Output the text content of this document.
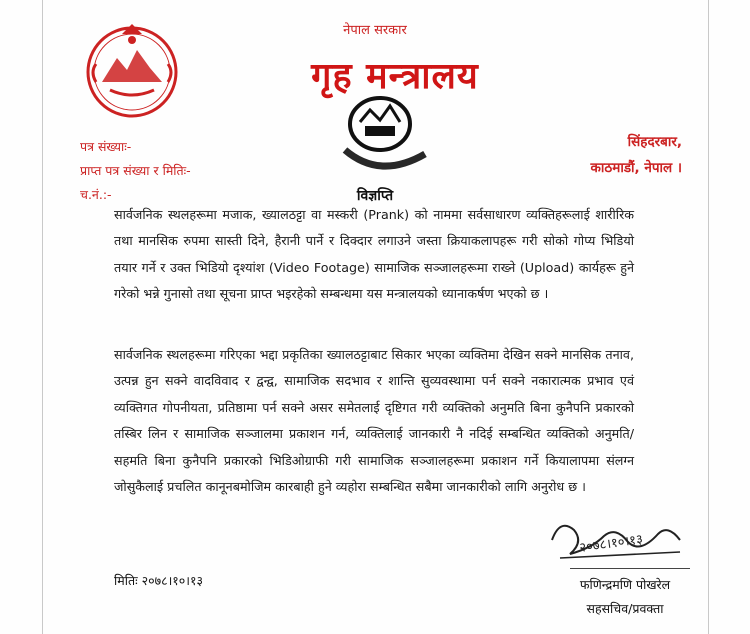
नेपाल सरकार
गृह मन्त्रालय
पत्र संख्याः-
प्राप्त पत्र संख्या र मितिः-
च.नं.:-
सिंहदरबार,
काठमाडौं, नेपाल ।
विज्ञप्ति

सार्वजनिक स्थलहरूमा मजाक, ख्यालठट्टा वा मस्करी (Prank) को नाममा सर्वसाधारण व्यक्तिहरूलाई शारीरिक तथा मानसिक रुपमा सास्ती दिने, हैरानी पार्ने र दिक्दार लगाउने जस्ता क्रियाकलापहरू गरी सोको गोप्य भिडियो तयार गर्ने र उक्त भिडियो दृश्यांश (Video Footage) सामाजिक सञ्जालहरूमा राख्ने (Upload) कार्यहरू हुने गरेको भन्ने गुनासो तथा सूचना प्राप्त भइरहेको सम्बन्धमा यस मन्त्रालयको ध्यानाकर्षण भएको छ ।

सार्वजनिक स्थलहरूमा गरिएका भद्दा प्रकृतिका ख्यालठट्टाबाट सिकार भएका व्यक्तिमा देखिन सक्ने मानसिक तनाव, उत्पन्न हुन सक्ने वादविवाद र द्वन्द्व, सामाजिक सदभाव र शान्ति सुव्यवस्थामा पर्न सक्ने नकारात्मक प्रभाव एवं व्यक्तिगत गोपनीयता, प्रतिष्ठामा पर्न सक्ने असर समेतलाई दृष्टिगत गरी व्यक्तिको अनुमति बिना कुनैपनि प्रकारको तस्बिर लिन र सामाजिक सञ्जालमा प्रकाशन गर्न, व्यक्तिलाई जानकारी नै नदिई सम्बन्धित व्यक्तिको अनुमति/सहमति बिना कुनैपनि प्रकारको भिडिओग्राफी गरी सामाजिक सञ्जालहरूमा प्रकाशन गर्ने कियालापमा संलग्न जोसुकैलाई प्रचलित कानूनबमोजिम कारबाही हुने व्यहोरा सम्बन्धित सबैमा जानकारीको लागि अनुरोध छ ।

२०७८।१०।१३
मितिः २०७८।१०।१३	फणिन्द्रमणि पोखरेल
सहसचिव/प्रवक्ता
